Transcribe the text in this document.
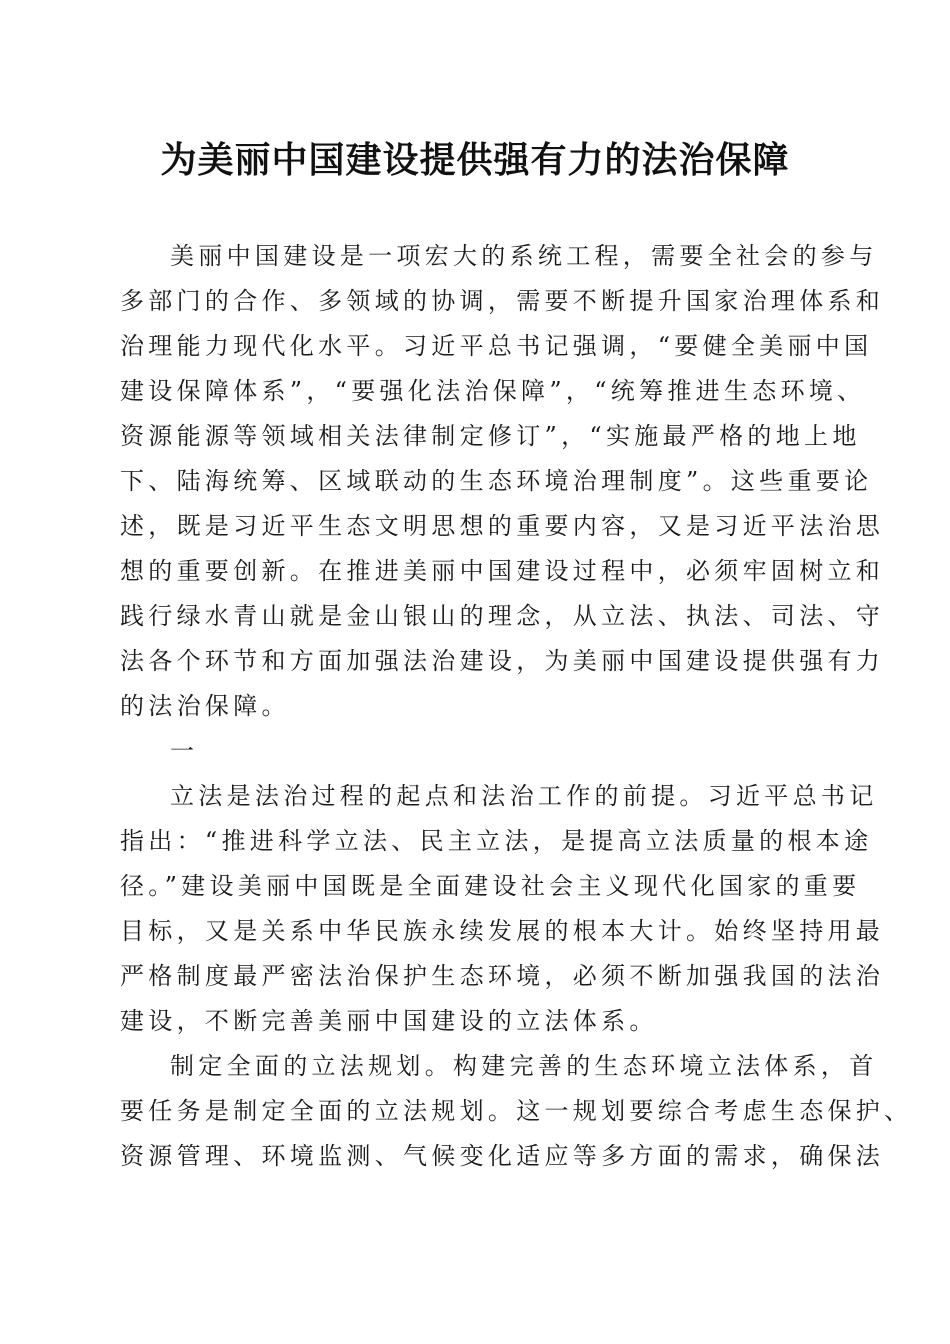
为美丽中国建设提供强有力的法治保障
美丽中国建设是一项宏大的系统工程，需要全社会的参与
多部门的合作、多领域的协调，需要不断提升国家治理体系和
治理能力现代化水平。习近平总书记强调，“要健全美丽中国
建设保障体系”，“要强化法治保障”，“统筹推进生态环境、
资源能源等领域相关法律制定修订”，“实施最严格的地上地
下、陆海统筹、区域联动的生态环境治理制度”。这些重要论
述，既是习近平生态文明思想的重要内容，又是习近平法治思
想的重要创新。在推进美丽中国建设过程中，必须牢固树立和
践行绿水青山就是金山银山的理念，从立法、执法、司法、守
法各个环节和方面加强法治建设，为美丽中国建设提供强有力
的法治保障。
一
立法是法治过程的起点和法治工作的前提。习近平总书记
指出：“推进科学立法、民主立法，是提高立法质量的根本途
径。”建设美丽中国既是全面建设社会主义现代化国家的重要
目标，又是关系中华民族永续发展的根本大计。始终坚持用最
严格制度最严密法治保护生态环境，必须不断加强我国的法治
建设，不断完善美丽中国建设的立法体系。
制定全面的立法规划。构建完善的生态环境立法体系，首
要任务是制定全面的立法规划。这一规划要综合考虑生态保护、
资源管理、环境监测、气候变化适应等多方面的需求，确保法
